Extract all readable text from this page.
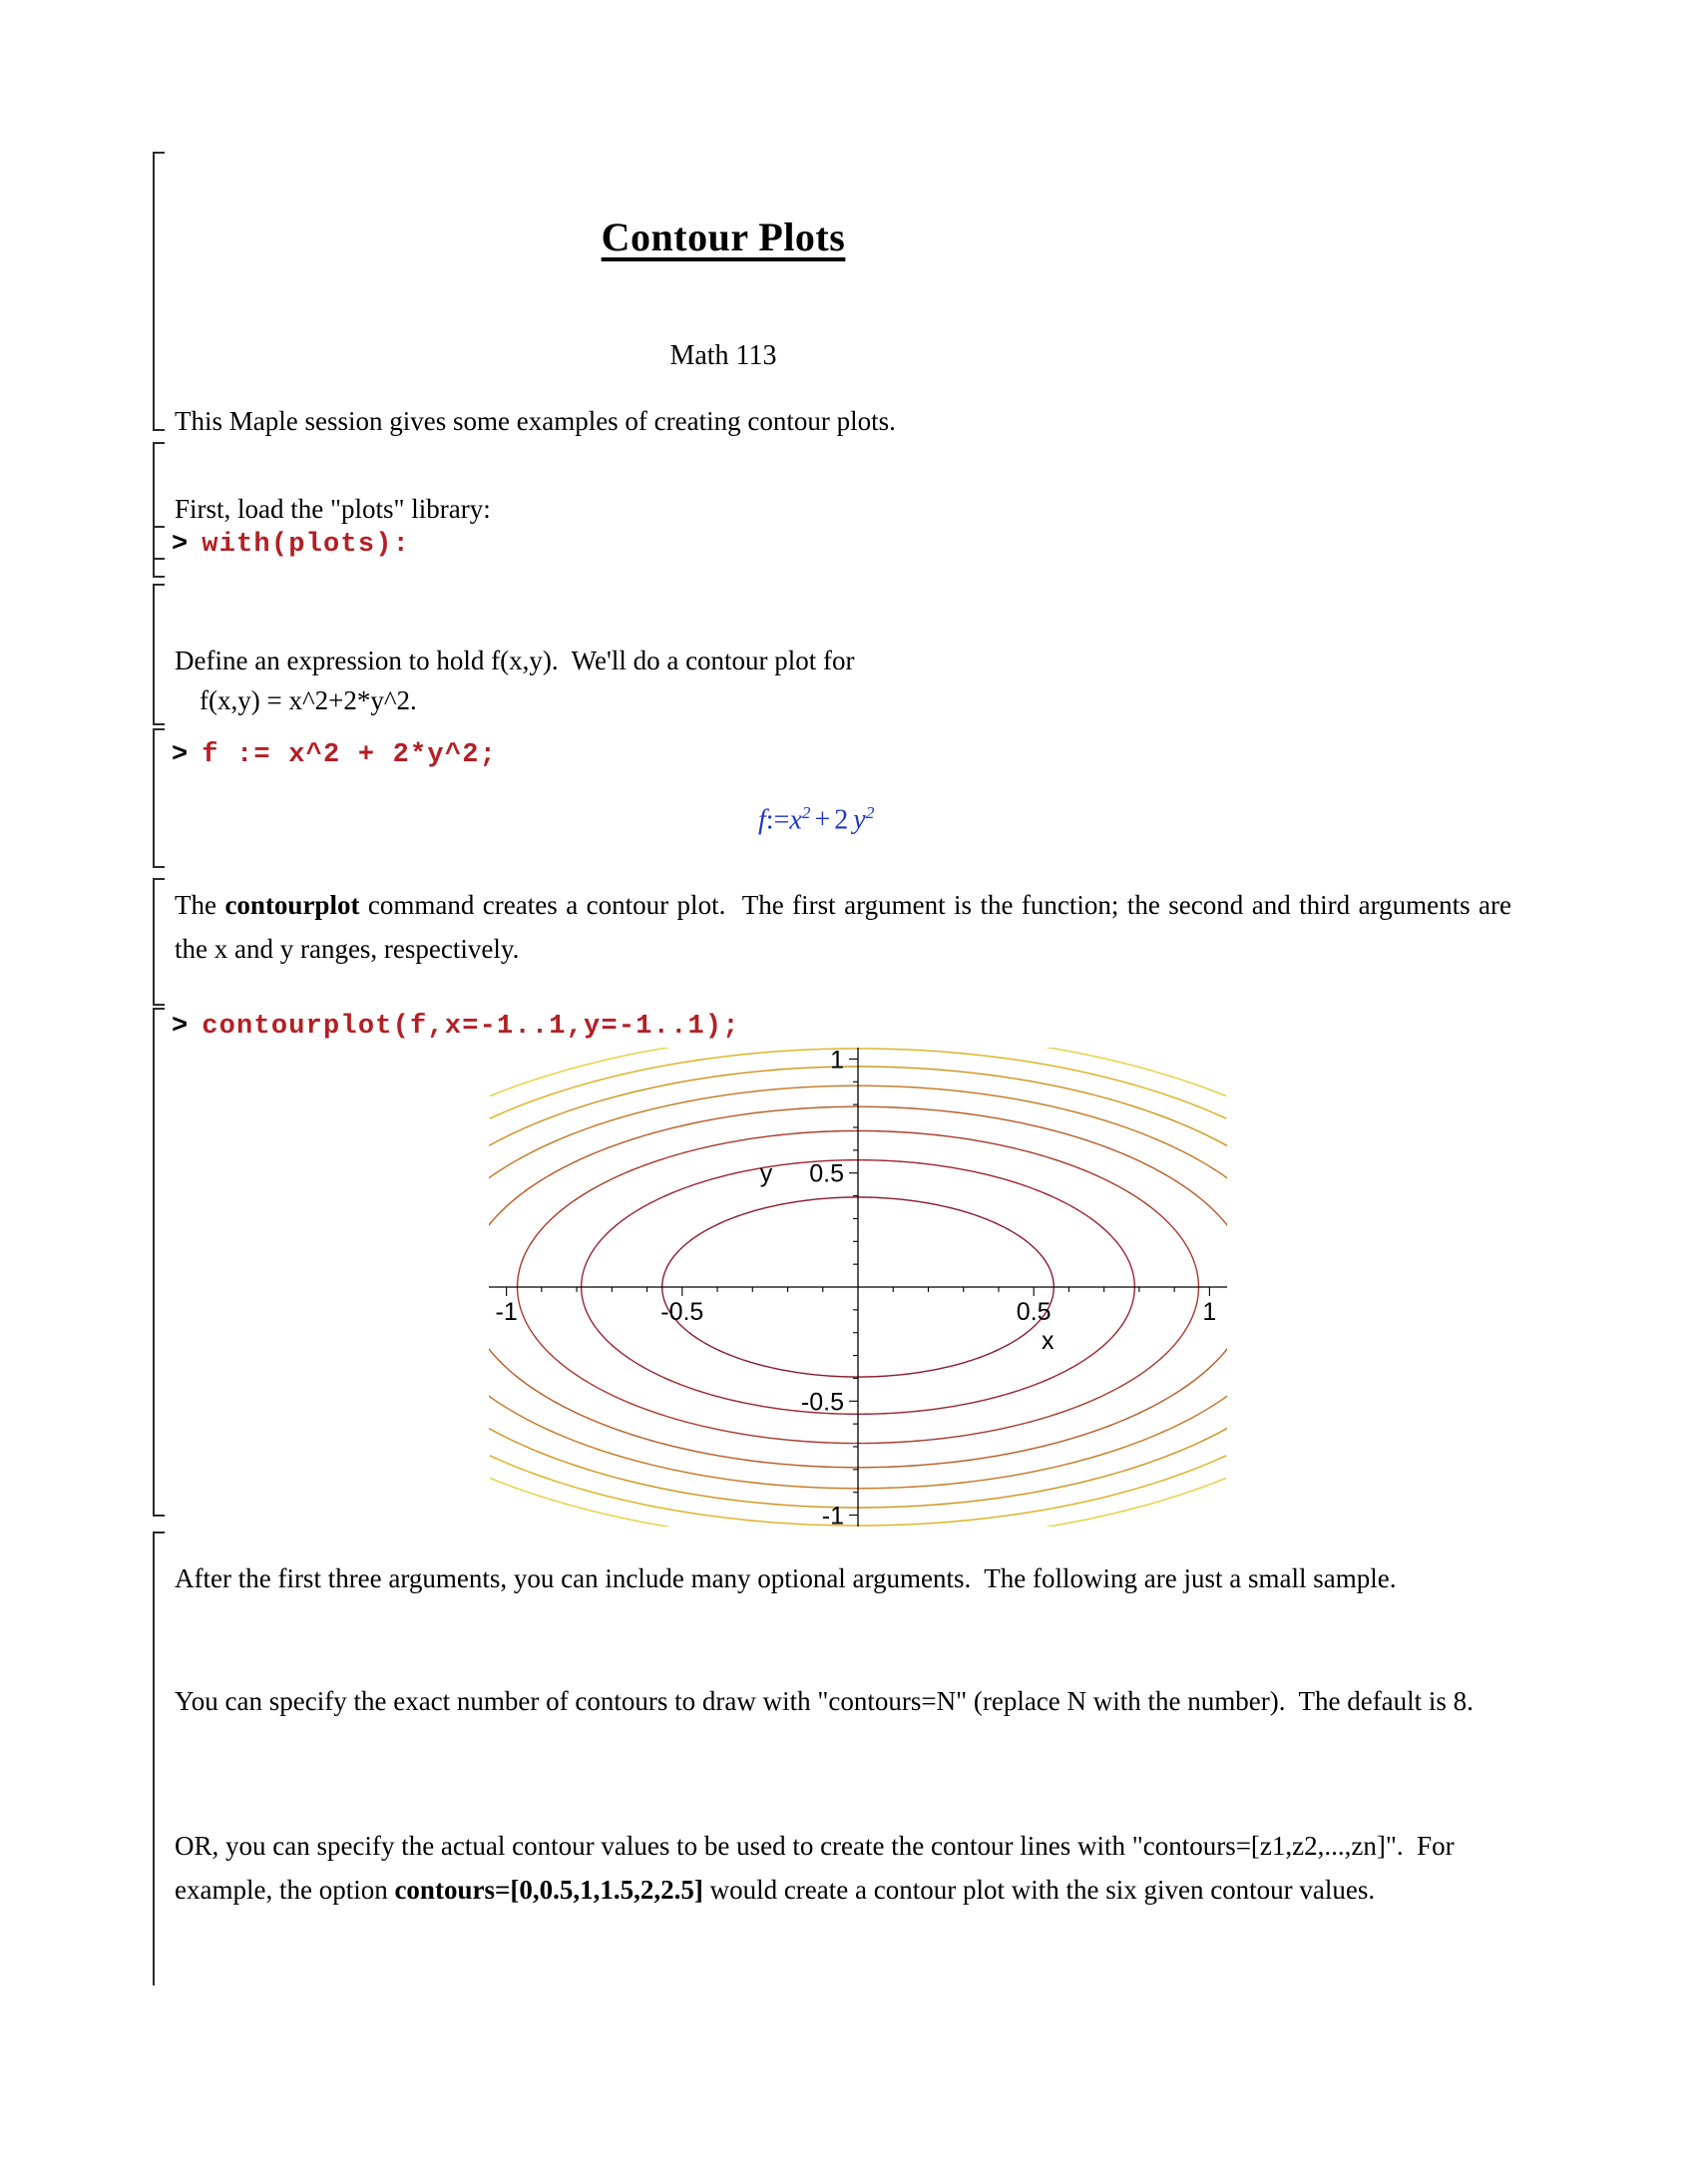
Contour Plots
Math 113
This Maple session gives some examples of creating contour plots.
First, load the "plots" library:
> with(plots):
Define an expression to hold f(x,y).  We'll do a contour plot for
f(x,y) = x^2+2*y^2.
> f := x^2 + 2*y^2;
$f:=x^2 + 2$ $y^2$
The contourplot command creates a contour plot.  The first argument is the function; the second and third arguments are the x and y ranges, respectively.
> contourplot(f,x=-1..1,y=-1..1);
-1	-0.5	0.5	1
-1
-0.5
0.5
1
y
x
After the first three arguments, you can include many optional arguments.  The following are just a small sample.
You can specify the exact number of contours to draw with "contours=N" (replace N with the number).  The default is 8.
OR, you can specify the actual contour values to be used to create the contour lines with "contours=[z1,z2,...,zn]".  For example, the option contours=[0,0.5,1,1.5,2,2.5] would create a contour plot with the six given contour values.
